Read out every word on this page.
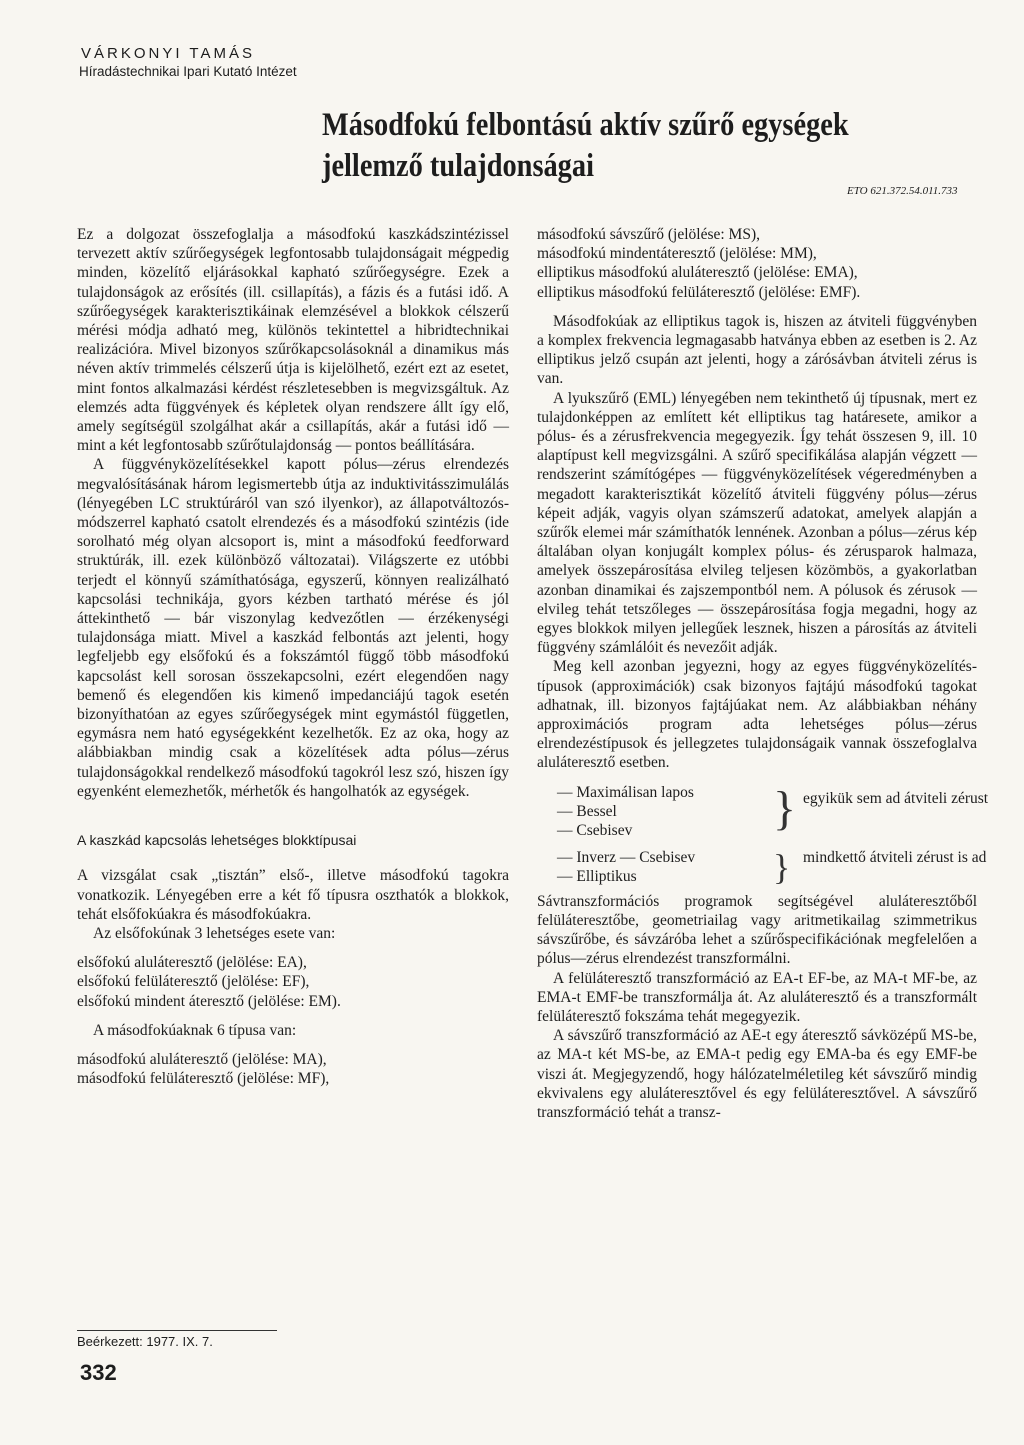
VÁRKONYI TAMÁS
Híradástechnikai Ipari Kutató Intézet
Másodfokú felbontású aktív szűrő egységek
jellemző tulajdonságai
ETO 621.372.54.011.733

Ez a dolgozat összefoglalja a másodfokú kaszkádszintézissel tervezett aktív szűrőegységek legfontosabb tulajdonságait mégpedig minden, közelítő eljárásokkal kapható szűrőegységre. Ezek a tulajdonságok az erősítés (ill. csillapítás), a fázis és a futási idő. A szűrőegységek karakterisztikáinak elemzésével a blokkok célszerű mérési módja adható meg, különös tekintettel a hibridtechnikai realizációra. Mivel bizonyos szűrőkapcsolásoknál a dinamikus más néven aktív trimmelés célszerű útja is kijelölhető, ezért ezt az esetet, mint fontos alkalmazási kérdést részletesebben is megvizsgáltuk. Az elemzés adta függvények és képletek olyan rendszere állt így elő, amely segítségül szolgálhat akár a csillapítás, akár a futási idő — mint a két legfontosabb szűrőtulajdonság — pontos beállítására.

A függvényközelítésekkel kapott pólus—zérus elrendezés megvalósításának három legismertebb útja az induktivitásszimulálás (lényegében LC struktúráról van szó ilyenkor), az állapotváltozós-módszerrel kapható csatolt elrendezés és a másodfokú szintézis (ide sorolható még olyan alcsoport is, mint a másodfokú feedforward struktúrák, ill. ezek különböző változatai). Világszerte ez utóbbi terjedt el könnyű számíthatósága, egyszerű, könnyen realizálható kapcsolási technikája, gyors kézben tartható mérése és jól áttekinthető — bár viszonylag kedvezőtlen — érzékenységi tulajdonsága miatt. Mivel a kaszkád felbontás azt jelenti, hogy legfeljebb egy elsőfokú és a fokszámtól függő több másodfokú kapcsolást kell sorosan összekapcsolni, ezért elegendően nagy bemenő és elegendően kis kimenő impedanciájú tagok esetén bizonyíthatóan az egyes szűrőegységek mint egymástól független, egymásra nem ható egységekként kezelhetők. Ez az oka, hogy az alábbiakban mindig csak a közelítések adta pólus—zérus tulajdonságokkal rendelkező másodfokú tagokról lesz szó, hiszen így egyenként elemezhetők, mérhetők és hangolhatók az egységek.

A kaszkád kapcsolás lehetséges blokktípusai

A vizsgálat csak „tisztán” első-, illetve másodfokú tagokra vonatkozik. Lényegében erre a két fő típusra oszthatók a blokkok, tehát elsőfokúakra és másodfokúakra.

Az elsőfokúnak 3 lehetséges esete van:

elsőfokú aluláteresztő (jelölése: EA),
elsőfokú felüláteresztő (jelölése: EF),
elsőfokú mindent áteresztő (jelölése: EM).

A másodfokúaknak 6 típusa van:

másodfokú aluláteresztő (jelölése: MA),
másodfokú felüláteresztő (jelölése: MF),
Beérkezett: 1977. IX. 7.
332
másodfokú sávszűrő (jelölése: MS),
másodfokú mindentáteresztő (jelölése: MM),
elliptikus másodfokú aluláteresztő (jelölése: EMA),
elliptikus másodfokú felüláteresztő (jelölése: EMF).

Másodfokúak az elliptikus tagok is, hiszen az átviteli függvényben a komplex frekvencia legmagasabb hatványa ebben az esetben is 2. Az elliptikus jelző csupán azt jelenti, hogy a zárósávban átviteli zérus is van.

A lyukszűrő (EML) lényegében nem tekinthető új típusnak, mert ez tulajdonképpen az említett két elliptikus tag határesete, amikor a pólus- és a zérusfrekvencia megegyezik. Így tehát összesen 9, ill. 10 alaptípust kell megvizsgálni. A szűrő specifikálása alapján végzett — rendszerint számítógépes — függvényközelítések végeredményben a megadott karakterisztikát közelítő átviteli függvény pólus—zérus képeit adják, vagyis olyan számszerű adatokat, amelyek alapján a szűrők elemei már számíthatók lennének. Azonban a pólus—zérus kép általában olyan konjugált komplex pólus- és zérusparok halmaza, amelyek összepárosítása elvileg teljesen közömbös, a gyakorlatban azonban dinamikai és zajszempontból nem. A pólusok és zérusok — elvileg tehát tetszőleges — összepárosítása fogja megadni, hogy az egyes blokkok milyen jellegűek lesznek, hiszen a párosítás az átviteli függvény számlálóit és nevezőit adják.

Meg kell azonban jegyezni, hogy az egyes függvényközelítés-típusok (approximációk) csak bizonyos fajtájú másodfokú tagokat adhatnak, ill. bizonyos fajtájúakat nem. Az alábbiakban néhány approximációs program adta lehetséges pólus—zérus elrendezéstípusok és jellegzetes tulajdonságaik vannak összefoglalva aluláteresztő esetben.

— Maximálisan lapos
— Bessel
— Csebisev	} egyikük sem ad átviteli zérust
— Inverz — Csebisev
— Elliptikus	} mindkettő átviteli zérust is ad

Sávtranszformációs programok segítségével aluláteresztőből felüláteresztőbe, geometriailag vagy aritmetikailag szimmetrikus sávszűrőbe, és sávzáróba lehet a szűrőspecifikációnak megfelelően a pólus—zérus elrendezést transzformálni.

A felüláteresztő transzformáció az EA-t EF-be, az MA-t MF-be, az EMA-t EMF-be transzformálja át. Az aluláteresztő és a transzformált felüláteresztő fokszáma tehát megegyezik.

A sávszűrő transzformáció az AE-t egy áteresztő sávközépű MS-be, az MA-t két MS-be, az EMA-t pedig egy EMA-ba és egy EMF-be viszi át. Megjegyzendő, hogy hálózatelméletileg két sávszűrő mindig ekvivalens egy aluláteresztővel és egy felüláteresztővel. A sávszűrő transzformáció tehát a transz-
